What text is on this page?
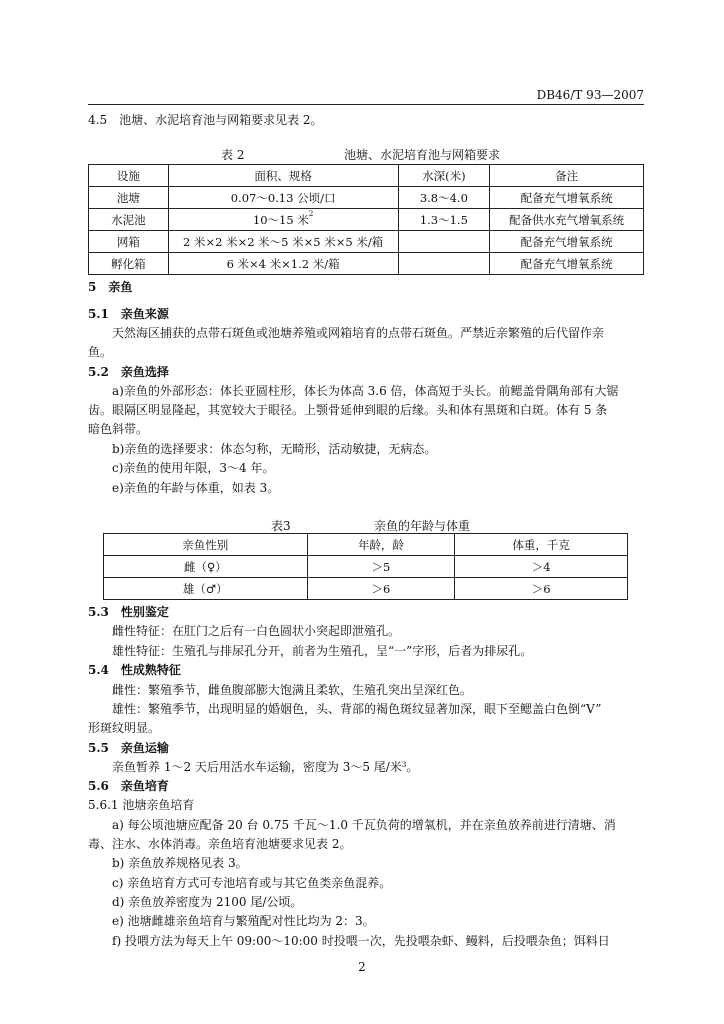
DB46/T 93—2007
4.5　池塘、水泥培育池与网箱要求见表 2。
表 2	池塘、水泥培育池与网箱要求
设施	面积、规格	水深(米)	备注
池塘	0.07～0.13 公顷/口	3.8～4.0	配备充气增氧系统
水泥池	10～15 米$^2$	1.3～1.5	配备供水充气增氧系统
网箱	2 米×2 米×2 米～5 米×5 米×5 米/箱		配备充气增氧系统
孵化箱	6 米×4 米×1.2 米/箱		配备充气增氧系统
5　亲鱼
5.1　亲鱼来源
天然海区捕获的点带石斑鱼或池塘养殖或网箱培育的点带石斑鱼。严禁近亲繁殖的后代留作亲
鱼。
5.2　亲鱼选择
a)亲鱼的外部形态：体长亚圆柱形，体长为体高 3.6 倍，体高短于头长。前鳃盖骨隅角部有大锯
齿。眼隔区明显隆起，其宽较大于眼径。上颚骨延伸到眼的后缘。头和体有黑斑和白斑。体有 5 条
暗色斜带。
b)亲鱼的选择要求：体态匀称，无畸形，活动敏捷，无病态。
c)亲鱼的使用年限，3～4 年。
e)亲鱼的年龄与体重，如表 3。
表3	亲鱼的年龄与体重
亲鱼性别	年龄，龄	体重，千克
雌（♀）	＞5	＞4
雄（♂）	＞6	＞6
5.3　性别鉴定
雌性特征：在肛门之后有一白色圆状小突起即泄殖孔。
雄性特征：生殖孔与排尿孔分开，前者为生殖孔，呈“一”字形，后者为排尿孔。
5.4　性成熟特征
雌性：繁殖季节，雌鱼腹部膨大饱满且柔软，生殖孔突出呈深红色。
雄性：繁殖季节，出现明显的婚姻色，头、背部的褐色斑纹显著加深，眼下至鳃盖白色倒“V”
形斑纹明显。
5.5　亲鱼运输
亲鱼暂养 1～2 天后用活水车运输，密度为 3～5 尾/米$^3$。
5.6　亲鱼培育
5.6.1 池塘亲鱼培育
a) 每公顷池塘应配备 20 台 0.75 千瓦～1.0 千瓦负荷的增氧机，并在亲鱼放养前进行清塘、消
毒、注水、水体消毒。亲鱼培育池塘要求见表 2。
b) 亲鱼放养规格见表 3。
c) 亲鱼培育方式可专池培育或与其它鱼类亲鱼混养。
d) 亲鱼放养密度为 2100 尾/公顷。
e) 池塘雌雄亲鱼培育与繁殖配对性比均为 2：3。
f) 投喂方法为每天上午 09:00～10:00 时投喂一次，先投喂杂虾、鳗料，后投喂杂鱼；饵料日
2
